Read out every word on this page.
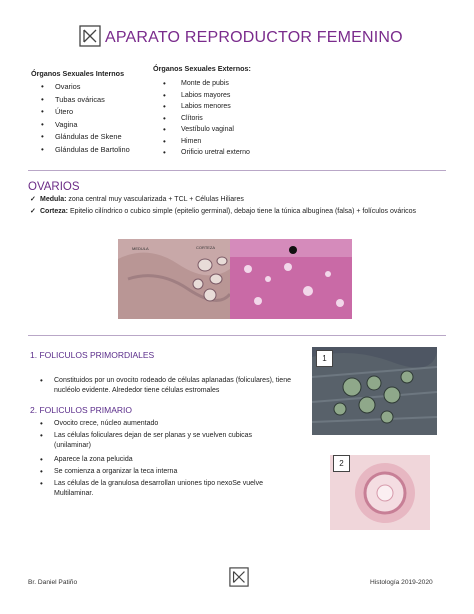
APARATO REPRODUCTOR FEMENINO
Órganos Sexuales Internos
• Ovarios
• Tubas ováricas
• Útero
• Vagina
• Glándulas de Skene
• Glándulas de Bartolino
Órganos Sexuales Externos:
• Monte de pubis
• Labios mayores
• Labios menores
• Clítoris
• Vestíbulo vaginal
• Himen
• Orificio uretral externo
OVARIOS
✓ Medula: zona central muy vascularizada + TCL + Células Hiliares
✓ Corteza: Epitelio cilíndrico o cubico simple (epitelio germinal), debajo tiene la túnica albugínea (falsa) + folículos ováricos
MEDULA	CORTEZA
1. FOLICULOS PRIMORDIALES
• Constituidos por un ovocito rodeado de células aplanadas (foliculares), tiene nucléolo evidente. Alrededor tiene células estromales
2. FOLICULOS PRIMARIO
• Ovocito crece, núcleo aumentado
• Las células foliculares dejan de ser planas y se vuelven cubicas (unilaminar)
• Aparece la zona pelucida
• Se comienza a organizar la teca interna
• Las células de la granulosa desarrollan uniones tipo nexoSe vuelve Multilaminar.
1
2
Br. Daniel Patiño	Histología 2019-2020
